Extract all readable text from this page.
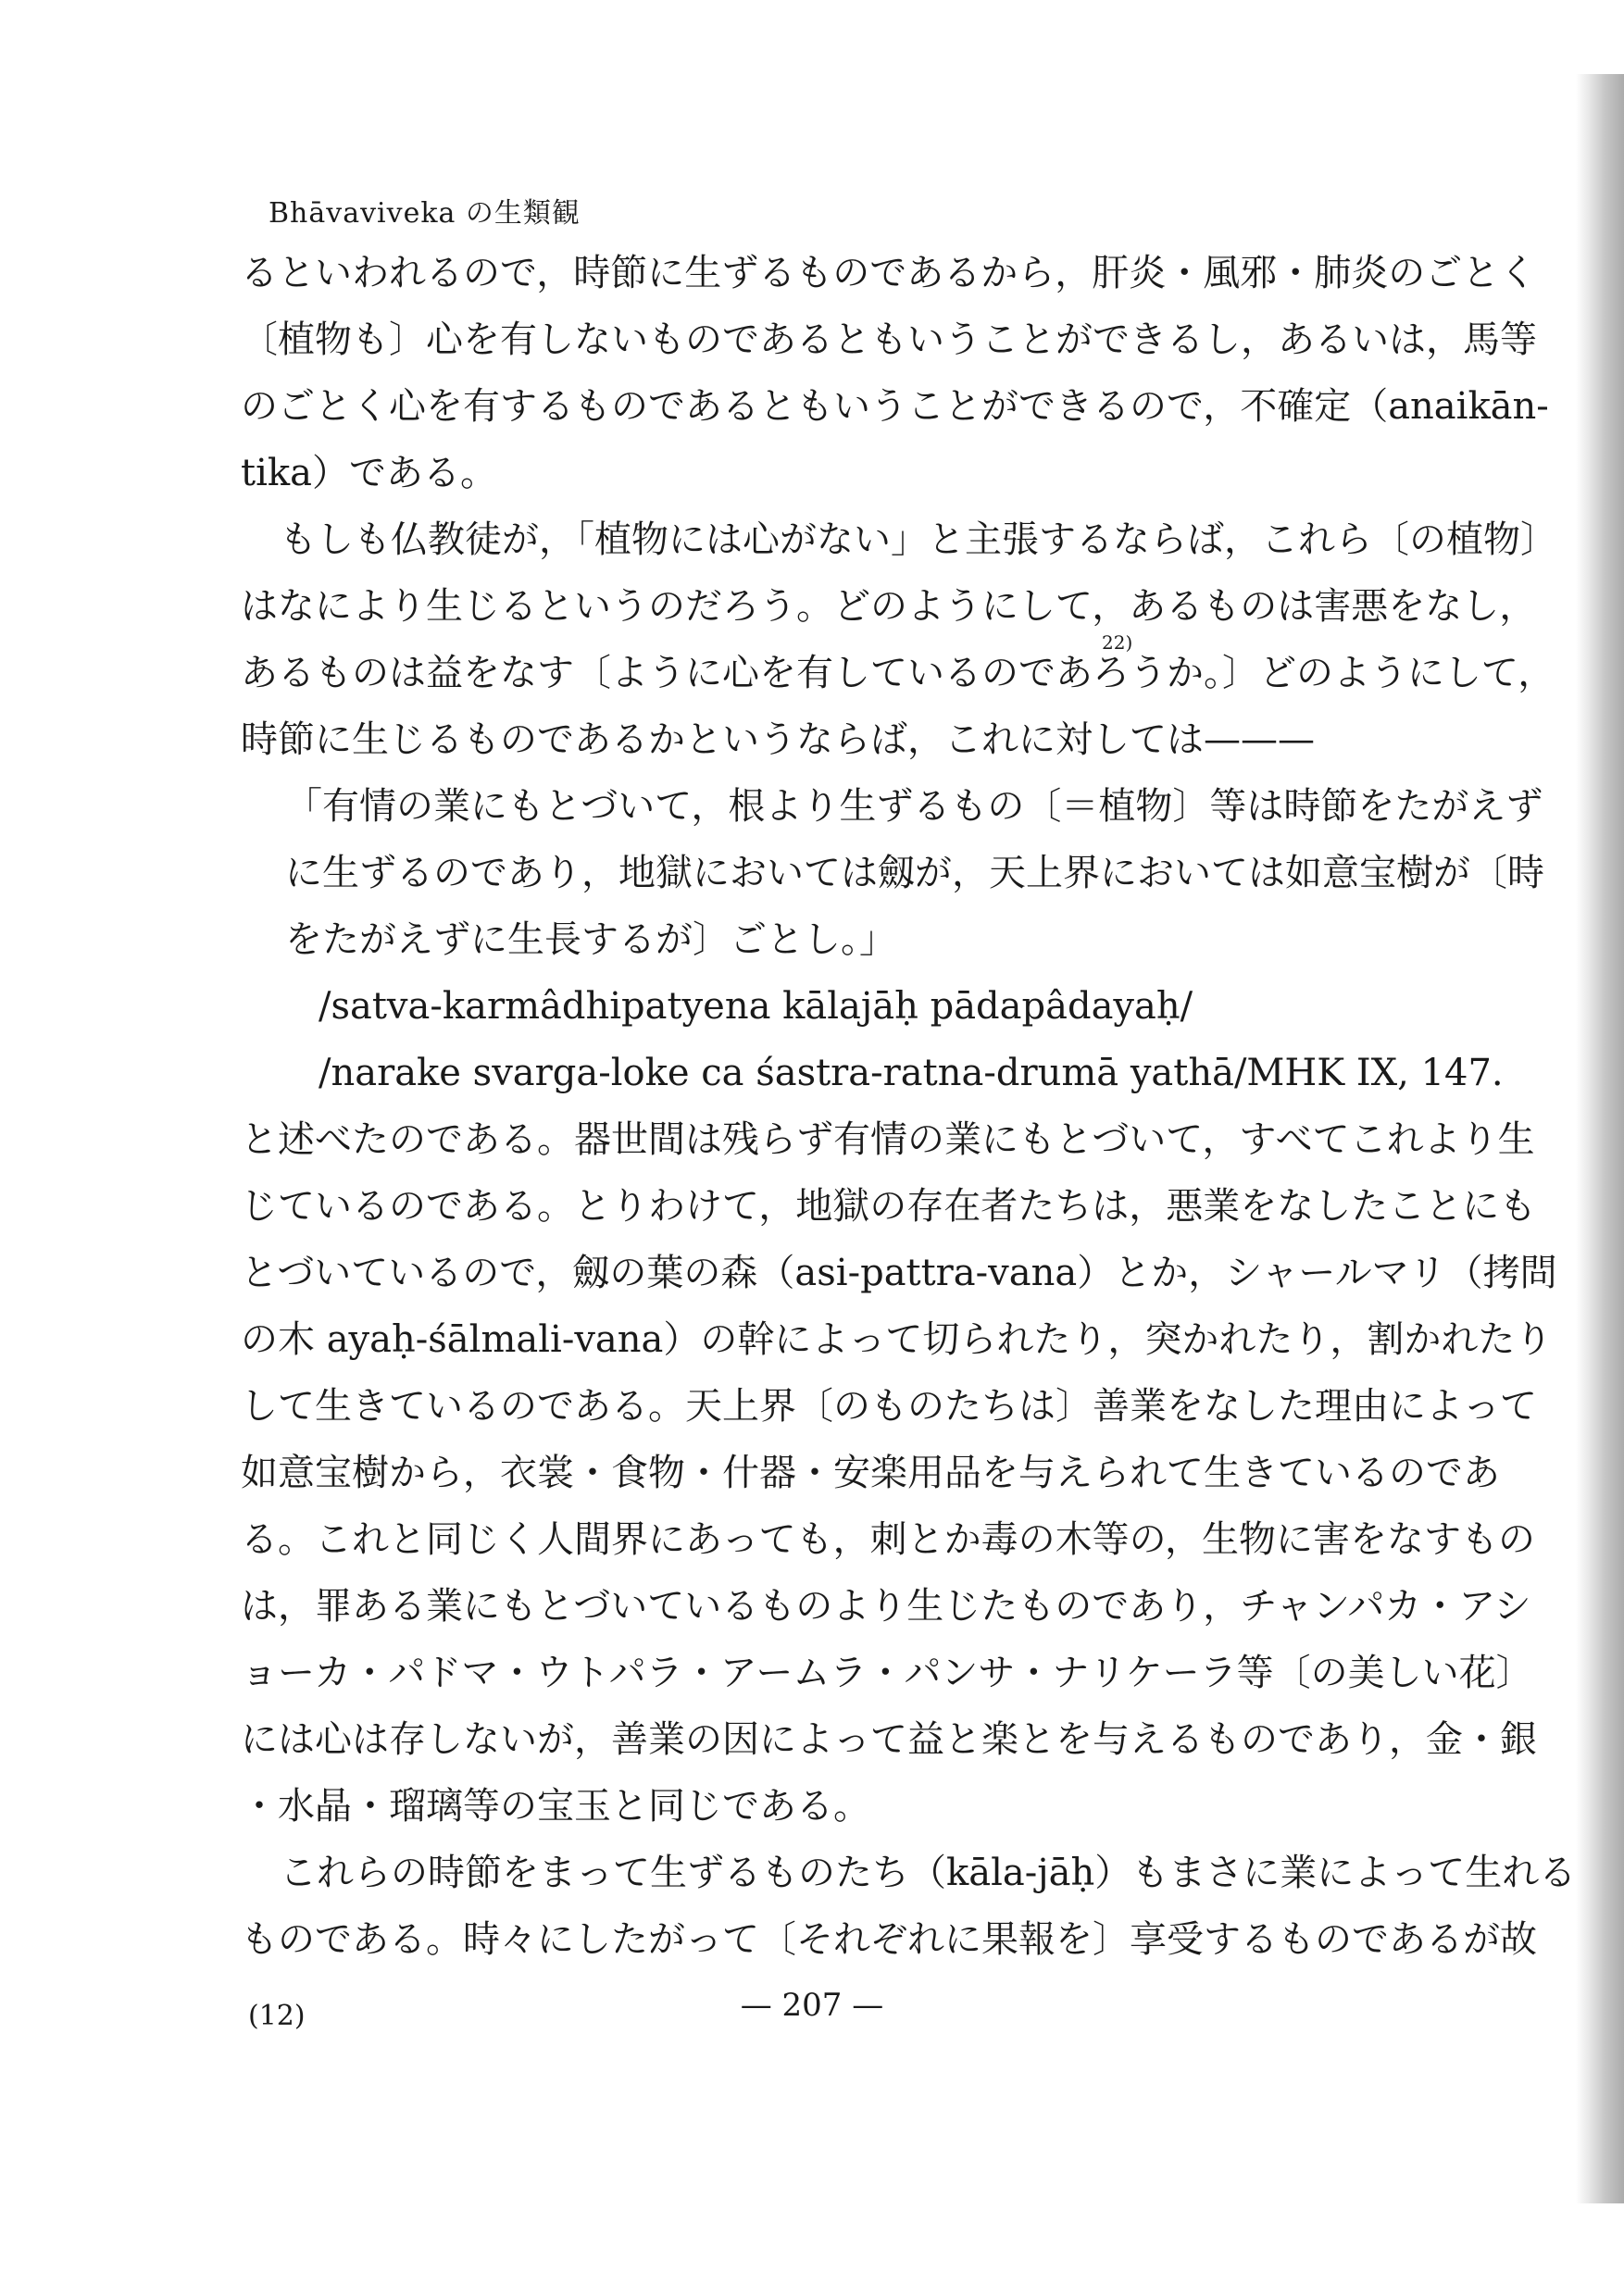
Bhāvaviveka の生類観
るといわれるので，時節に生ずるものであるから，肝炎・風邪・肺炎のごとく
〔植物も〕心を有しないものであるともいうことができるし，あるいは，馬等
のごとく心を有するものであるともいうことができるので，不確定（anaikān-
tika）である。
もしも仏教徒が，「植物には心がない」と主張するならば，これら〔の植物〕
はなにより生じるというのだろう。どのようにして，あるものは害悪をなし，
あるものは益をなす〔ように心を有しているのであろうか。〕どのようにして，
時節に生じるものであるかというならば，これに対しては———
「有情の業にもとづいて，根より生ずるもの〔＝植物〕等は時節をたがえず
に生ずるのであり，地獄においては劔が，天上界においては如意宝樹が〔時
をたがえずに生長するが〕ごとし。」
/satva-karmâdhipatyena kālajāḥ pādapâdayaḥ/
/narake svarga-loke ca śastra-ratna-drumā yathā/MHK IX, 147.
と述べたのである。器世間は残らず有情の業にもとづいて，すべてこれより生
じているのである。とりわけて，地獄の存在者たちは，悪業をなしたことにも
とづいているので，劔の葉の森（asi-pattra-vana）とか，シャールマリ（拷問
の木 ayaḥ-śālmali-vana）の幹によって切られたり，突かれたり，割かれたり
して生きているのである。天上界〔のものたちは〕善業をなした理由によって
如意宝樹から，衣裳・食物・什器・安楽用品を与えられて生きているのであ
る。これと同じく人間界にあっても，刺とか毒の木等の，生物に害をなすもの
は，罪ある業にもとづいているものより生じたものであり，チャンパカ・アシ
ョーカ・パドマ・ウトパラ・アームラ・パンサ・ナリケーラ等〔の美しい花〕
には心は存しないが，善業の因によって益と楽とを与えるものであり，金・銀
・水晶・瑠璃等の宝玉と同じである。
これらの時節をまって生ずるものたち（kāla-jāḥ）もまさに業によって生れる
ものである。時々にしたがって〔それぞれに果報を〕享受するものであるが故
22)
(12)	— 207 —
